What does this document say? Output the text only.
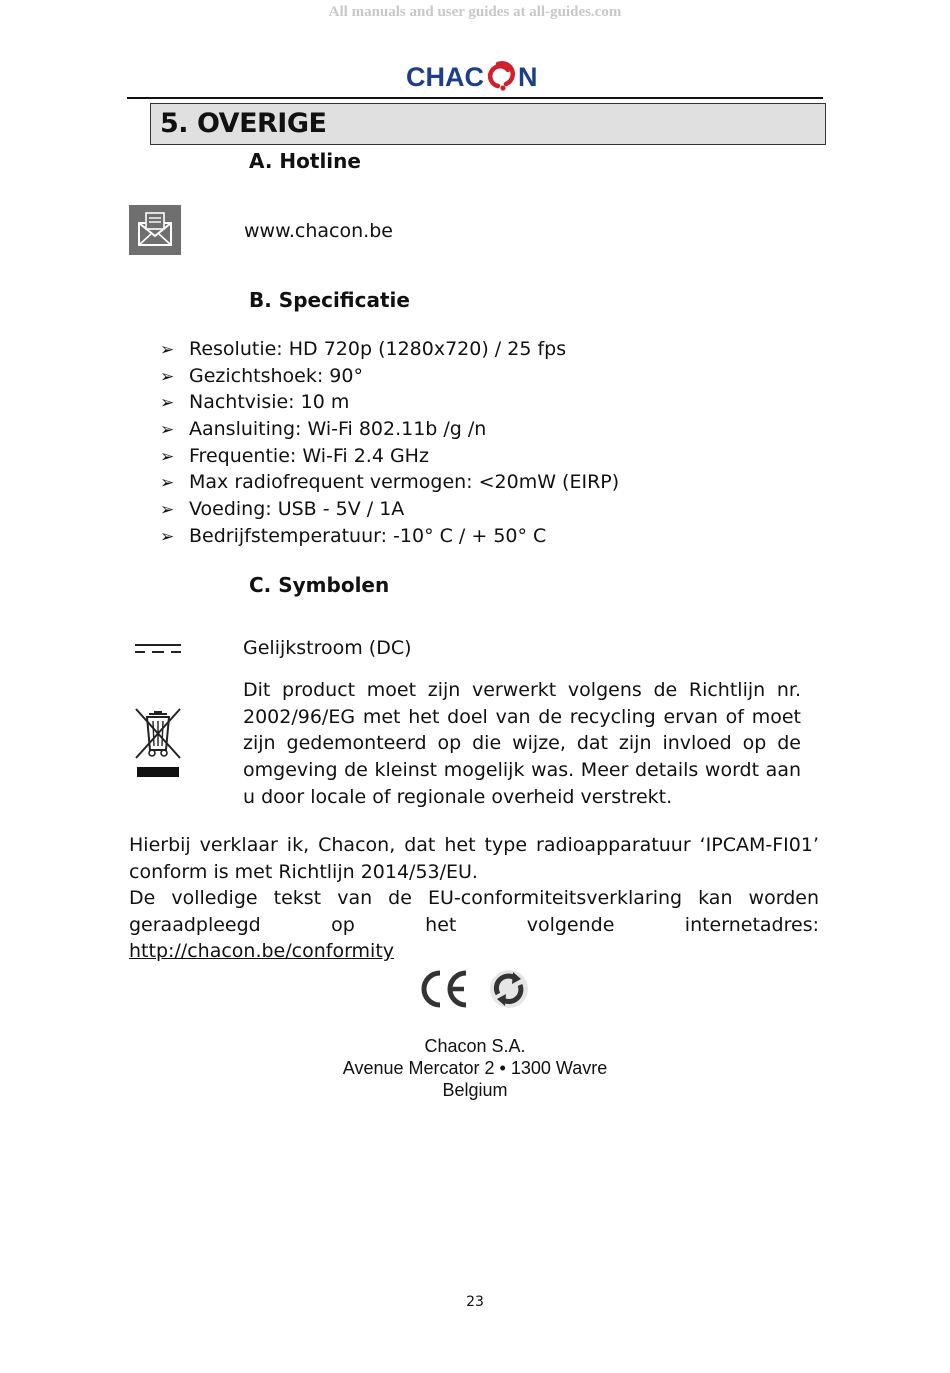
All manuals and user guides at all-guides.com
CHAC N
5. OVERIGE
A. Hotline
www.chacon.be
B. Specificatie
➢ Resolutie: HD 720p (1280x720) / 25 fps
➢ Gezichtshoek: 90°
➢ Nachtvisie: 10 m
➢ Aansluiting: Wi-Fi 802.11b /g /n
➢ Frequentie: Wi-Fi 2.4 GHz
➢ Max radiofrequent vermogen: <20mW (EIRP)
➢ Voeding: USB - 5V / 1A
➢ Bedrijfstemperatuur: -10° C / + 50° C
C. Symbolen
Gelijkstroom (DC)
Dit product moet zijn verwerkt volgens de Richtlijn nr. 2002/96/EG met het doel van de recycling ervan of moet zijn gedemonteerd op die wijze, dat zijn invloed op de omgeving de kleinst mogelijk was. Meer details wordt aan u door locale of regionale overheid verstrekt.
Hierbij verklaar ik, Chacon, dat het type radioapparatuur ‘IPCAM-FI01’ conform is met Richtlijn 2014/53/EU.
De volledige tekst van de EU-conformiteitsverklaring kan worden geraadpleegd op het volgende internetadres: http://chacon.be/conformity
Chacon S.A.
Avenue Mercator 2 • 1300 Wavre
Belgium
23
